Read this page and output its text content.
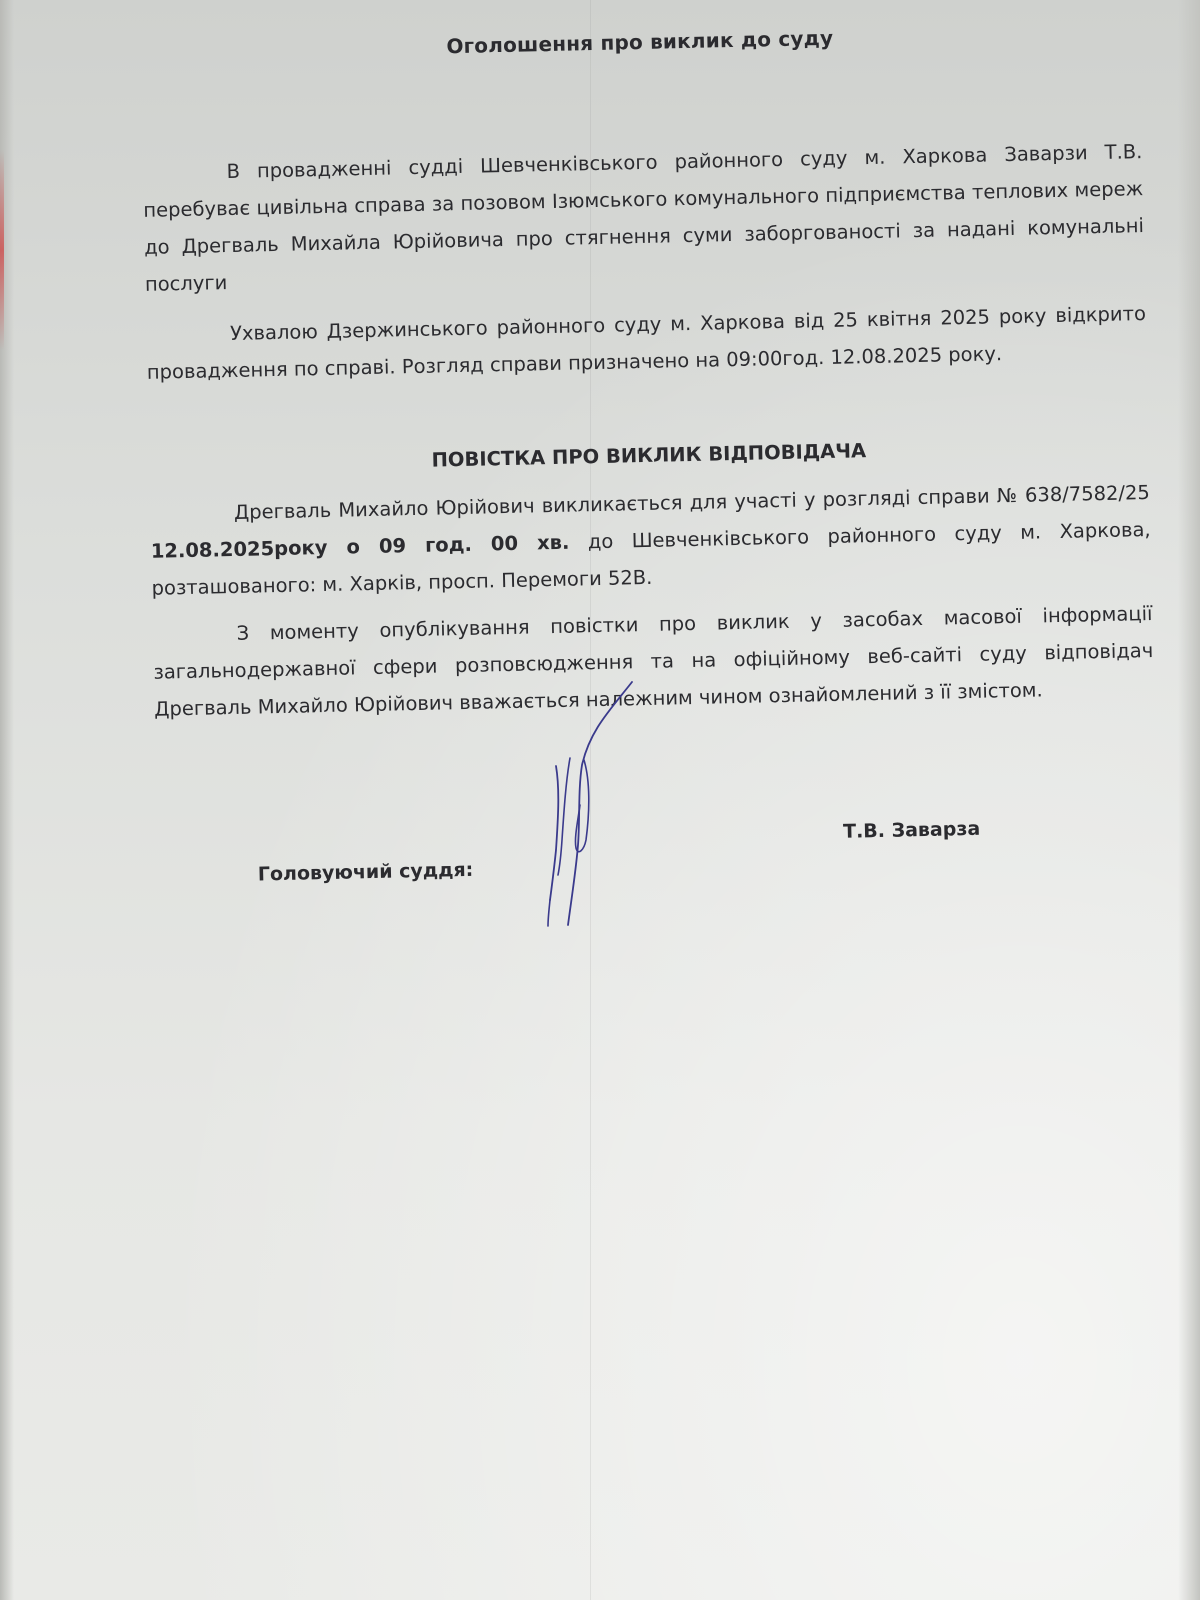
Оголошення про виклик до суду

В провадженні судді Шевченківського районного суду м. Харкова Заварзи Т.В. перебуває цивільна справа за позовом Ізюмського комунального підприємства теплових мереж до Дрегваль Михайла Юрійовича про стягнення суми заборгованості за надані комунальні послуги

Ухвалою Дзержинського районного суду м. Харкова від 25 квітня 2025 року відкрито провадження по справі. Розгляд справи призначено на 09:00год. 12.08.2025 року.

ПОВІСТКА ПРО ВИКЛИК ВІДПОВІДАЧА

Дрегваль Михайло Юрійович викликається для участі у розгляді справи № 638/7582/25 12.08.2025року о 09 год. 00 хв. до Шевченківського районного суду м. Харкова, розташованого: м. Харків, просп. Перемоги 52В.

З моменту опублікування повістки про виклик у засобах масової інформації загальнодержавної сфери розповсюдження та на офіційному веб-сайті суду відповідач Дрегваль Михайло Юрійович вважається належним чином ознайомлений з її змістом.

Головуючий суддя:
Т.В. Заварза
